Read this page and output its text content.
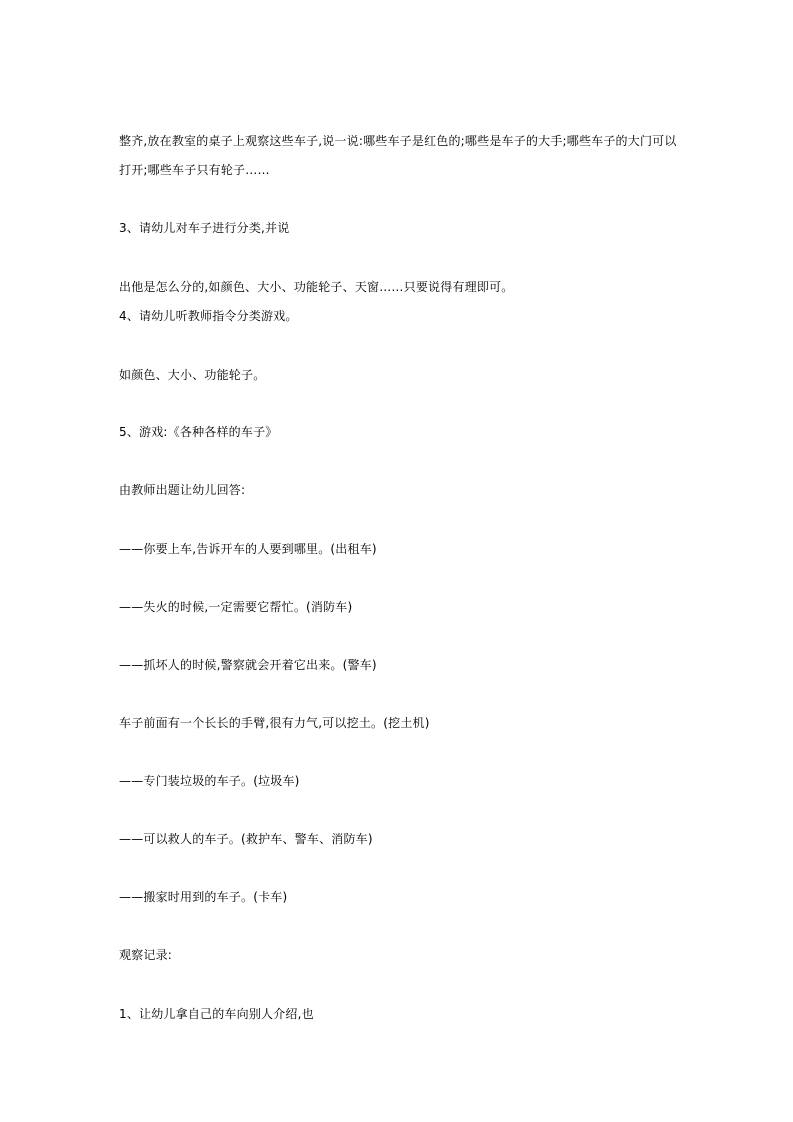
整齐,放在教室的桌子上观察这些车子,说一说:哪些车子是红色的;哪些是车子的大手;哪些车子的大门可以
打开;哪些车子只有轮子……
3、请幼儿对车子进行分类,并说
出他是怎么分的,如颜色、大小、功能轮子、天窗……只要说得有理即可。
4、请幼儿听教师指令分类游戏。
如颜色、大小、功能轮子。
5、游戏:《各种各样的车子》
由教师出题让幼儿回答:
——你要上车,告诉开车的人要到哪里。(出租车)
——失火的时候,一定需要它帮忙。(消防车)
——抓坏人的时候,警察就会开着它出来。(警车)
车子前面有一个长长的手臂,很有力气,可以挖土。(挖土机)
——专门装垃圾的车子。(垃圾车)
——可以救人的车子。(救护车、警车、消防车)
——搬家时用到的车子。(卡车)
观察记录:
1、让幼儿拿自己的车向别人介绍,也
